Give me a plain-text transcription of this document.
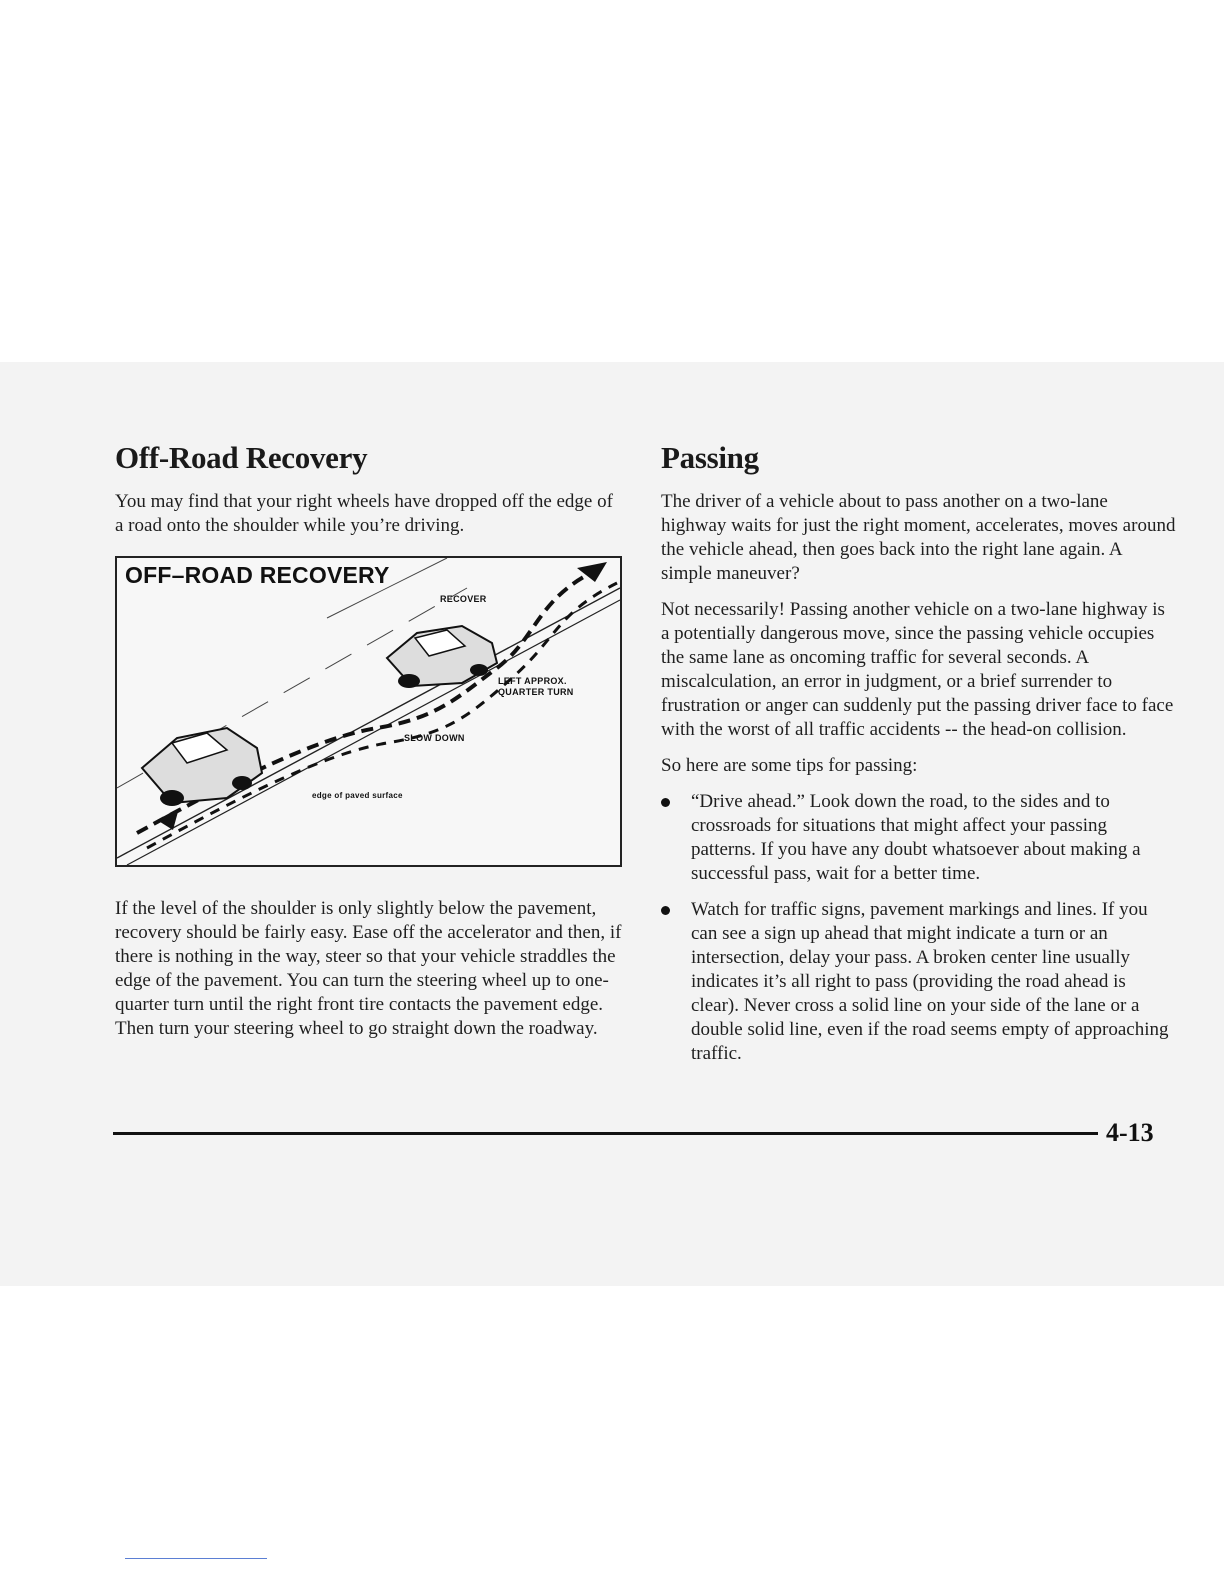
Off-Road Recovery

You may find that your right wheels have dropped off the edge of a road onto the shoulder while you’re driving.

OFF–ROAD RECOVERY
RECOVER
LEFT APPROX.
QUARTER TURN
SLOW DOWN
edge of paved surface

If the level of the shoulder is only slightly below the pavement, recovery should be fairly easy. Ease off the accelerator and then, if there is nothing in the way, steer so that your vehicle straddles the edge of the pavement. You can turn the steering wheel up to one-quarter turn until the right front tire contacts the pavement edge. Then turn your steering wheel to go straight down the roadway.

Passing

The driver of a vehicle about to pass another on a two-lane highway waits for just the right moment, accelerates, moves around the vehicle ahead, then goes back into the right lane again. A simple maneuver?

Not necessarily! Passing another vehicle on a two-lane highway is a potentially dangerous move, since the passing vehicle occupies the same lane as oncoming traffic for several seconds. A miscalculation, an error in judgment, or a brief surrender to frustration or anger can suddenly put the passing driver face to face with the worst of all traffic accidents -- the head-on collision.

So here are some tips for passing:

“Drive ahead.” Look down the road, to the sides and to crossroads for situations that might affect your passing patterns. If you have any doubt whatsoever about making a successful pass, wait for a better time.
Watch for traffic signs, pavement markings and lines. If you can see a sign up ahead that might indicate a turn or an intersection, delay your pass. A broken center line usually indicates it’s all right to pass (providing the road ahead is clear). Never cross a solid line on your side of the lane or a double solid line, even if the road seems empty of approaching traffic.
4-13
